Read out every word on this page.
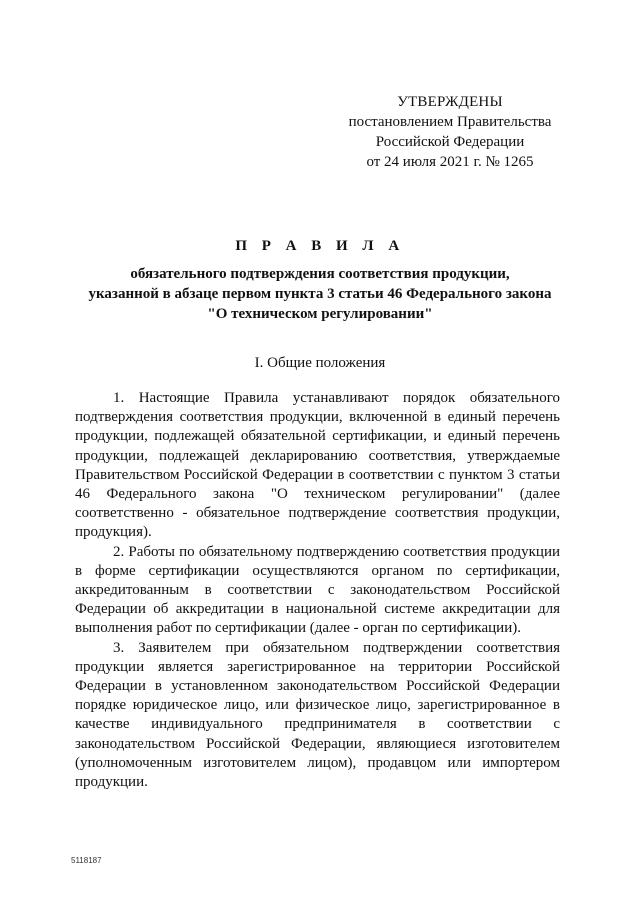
УТВЕРЖДЕНЫ
постановлением Правительства
Российской Федерации
от 24 июля 2021 г. № 1265
П Р А В И Л А
обязательного подтверждения соответствия продукции,
указанной в абзаце первом пункта 3 статьи 46 Федерального закона
"О техническом регулировании"
I. Общие положения

1. Настоящие Правила устанавливают порядок обязательного подтверждения соответствия продукции, включенной в единый перечень продукции, подлежащей обязательной сертификации, и единый перечень продукции, подлежащей декларированию соответствия, утверждаемые Правительством Российской Федерации в соответствии с пунктом 3 статьи 46 Федерального закона "О техническом регулировании" (далее соответственно - обязательное подтверждение соответствия продукции, продукция).

2. Работы по обязательному подтверждению соответствия продукции в форме сертификации осуществляются органом по сертификации, аккредитованным в соответствии с законодательством Российской Федерации об аккредитации в национальной системе аккредитации для выполнения работ по сертификации (далее - орган по сертификации).

3. Заявителем при обязательном подтверждении соответствия продукции является зарегистрированное на территории Российской Федерации в установленном законодательством Российской Федерации порядке юридическое лицо, или физическое лицо, зарегистрированное в качестве индивидуального предпринимателя в соответствии с законодательством Российской Федерации, являющиеся изготовителем (уполномоченным изготовителем лицом), продавцом или импортером продукции.

5118187
